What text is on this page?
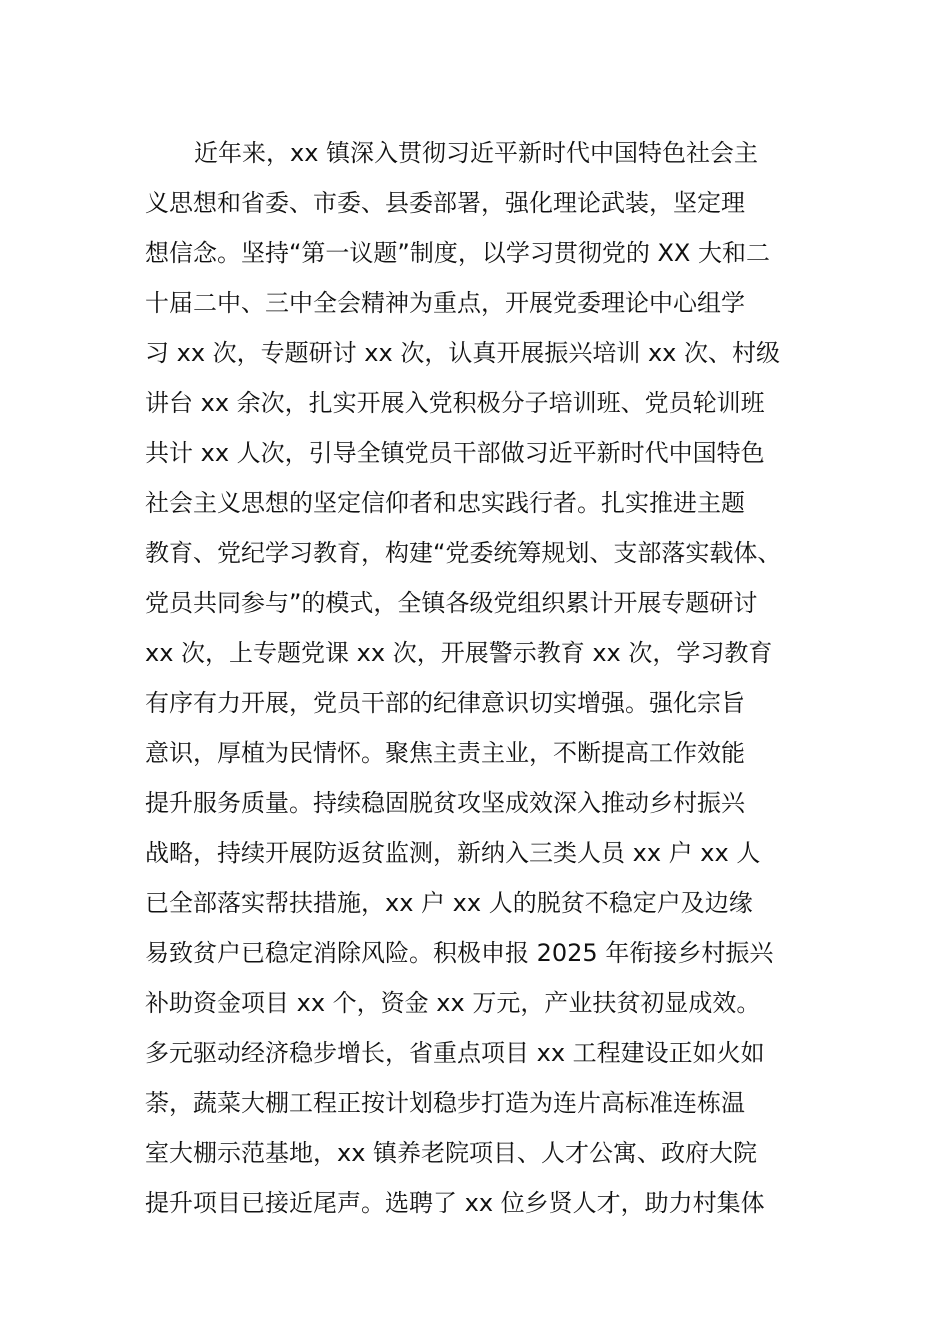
近年来，xx 镇深入贯彻习近平新时代中国特色社会主
义思想和省委、市委、县委部署，强化理论武装，坚定理
想信念。坚持“第一议题”制度，以学习贯彻党的 XX 大和二
十届二中、三中全会精神为重点，开展党委理论中心组学
习 xx 次，专题研讨 xx 次，认真开展振兴培训 xx 次、村级
讲台 xx 余次，扎实开展入党积极分子培训班、党员轮训班
共计 xx 人次，引导全镇党员干部做习近平新时代中国特色
社会主义思想的坚定信仰者和忠实践行者。扎实推进主题
教育、党纪学习教育，构建“党委统筹规划、支部落实载体、
党员共同参与”的模式，全镇各级党组织累计开展专题研讨
xx 次，上专题党课 xx 次，开展警示教育 xx 次，学习教育
有序有力开展，党员干部的纪律意识切实增强。强化宗旨
意识，厚植为民情怀。聚焦主责主业，不断提高工作效能
提升服务质量。持续稳固脱贫攻坚成效深入推动乡村振兴
战略，持续开展防返贫监测，新纳入三类人员 xx 户 xx 人
已全部落实帮扶措施，xx 户 xx 人的脱贫不稳定户及边缘
易致贫户已稳定消除风险。积极申报 2025 年衔接乡村振兴
补助资金项目 xx 个，资金 xx 万元，产业扶贫初显成效。
多元驱动经济稳步增长，省重点项目 xx 工程建设正如火如
荼，蔬菜大棚工程正按计划稳步打造为连片高标准连栋温
室大棚示范基地，xx 镇养老院项目、人才公寓、政府大院
提升项目已接近尾声。选聘了 xx 位乡贤人才，助力村集体
